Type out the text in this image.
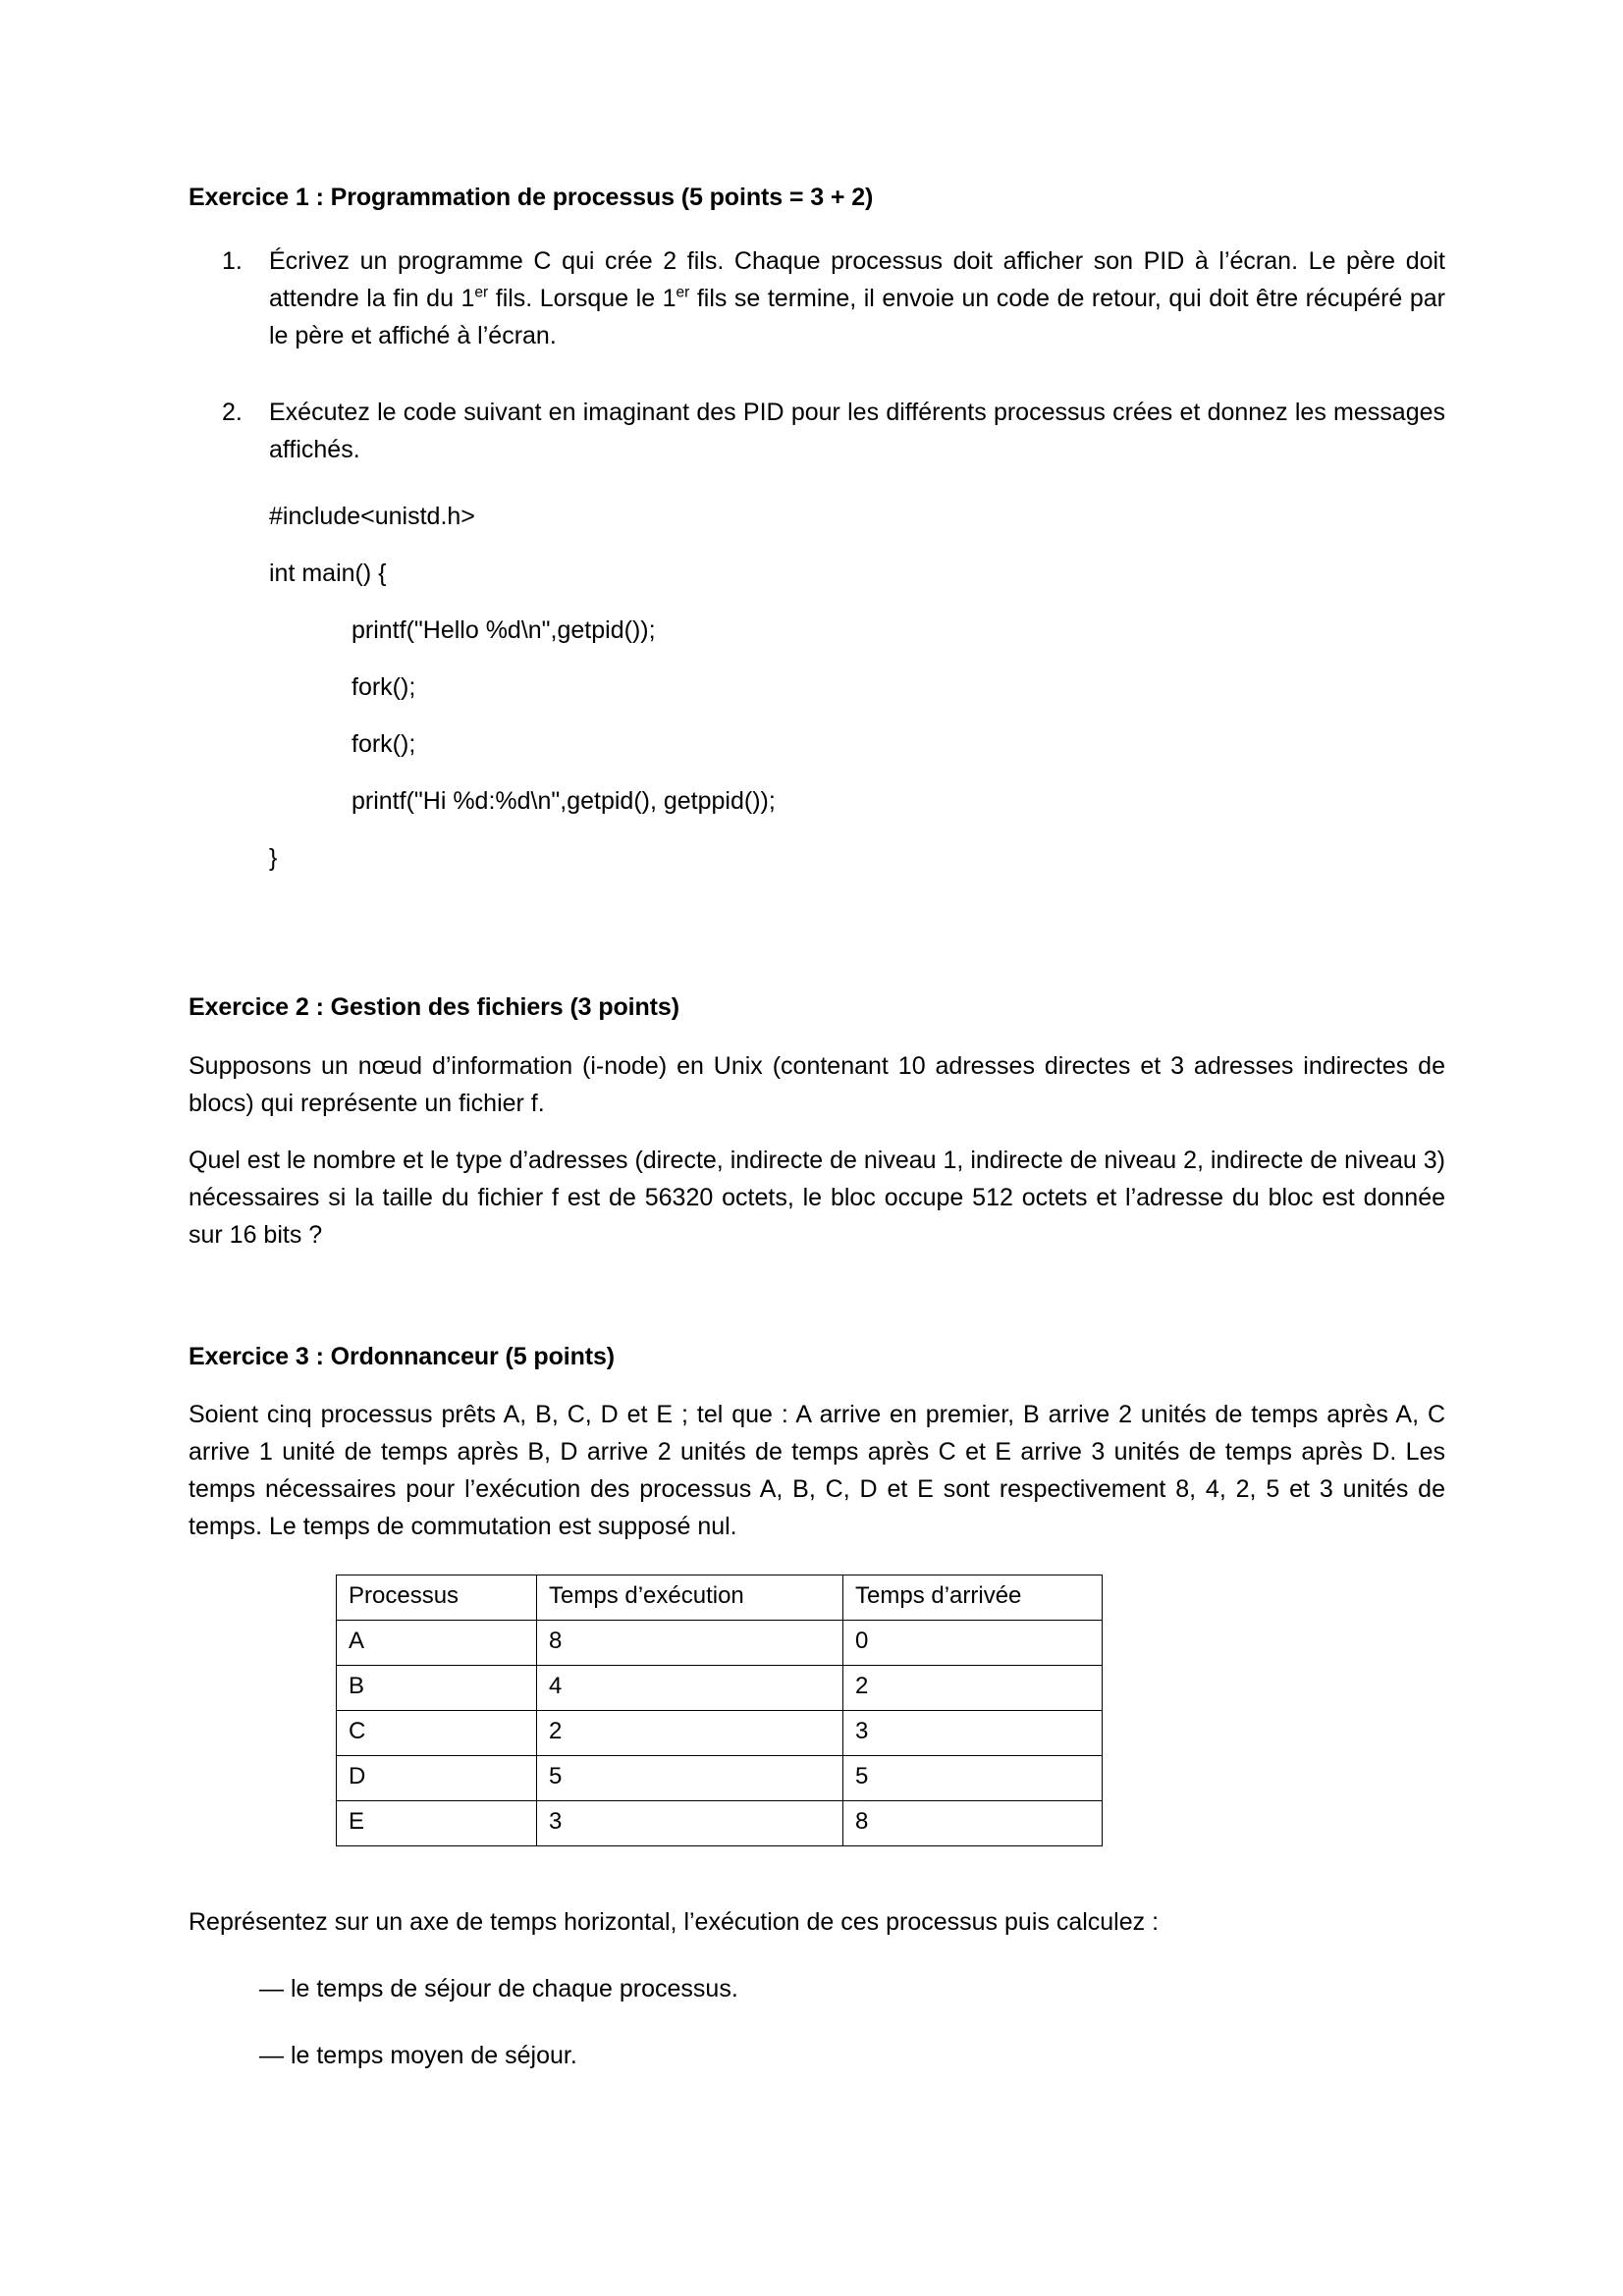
Exercice 1 : Programmation de processus (5 points = 3 + 2)
1. Écrivez un programme C qui crée 2 fils. Chaque processus doit afficher son PID à l’écran. Le père doit attendre la fin du 1er fils. Lorsque le 1er fils se termine, il envoie un code de retour, qui doit être récupéré par le père et affiché à l’écran.
2. Exécutez le code suivant en imaginant des PID pour les différents processus crées et donnez les messages affichés.
#include<unistd.h>
int main() {
printf("Hello %d\n",getpid());
fork();
fork();
printf("Hi %d:%d\n",getpid(), getppid());
}
Exercice 2 : Gestion des fichiers (3 points)
Supposons un nœud d’information (i-node) en Unix (contenant 10 adresses directes et 3 adresses indirectes de blocs) qui représente un fichier f.
Quel est le nombre et le type d’adresses (directe, indirecte de niveau 1, indirecte de niveau 2, indirecte de niveau 3) nécessaires si la taille du fichier f est de 56320 octets, le bloc occupe 512 octets et l’adresse du bloc est donnée sur 16 bits ?
Exercice 3 : Ordonnanceur (5 points)
Soient cinq processus prêts A, B, C, D et E ; tel que : A arrive en premier, B arrive 2 unités de temps après A, C arrive 1 unité de temps après B, D arrive 2 unités de temps après C et E arrive 3 unités de temps après D. Les temps nécessaires pour l’exécution des processus A, B, C, D et E sont respectivement 8, 4, 2, 5 et 3 unités de temps. Le temps de commutation est supposé nul.
Processus	Temps d’exécution	Temps d’arrivée
A	8	0
B	4	2
C	2	3
D	5	5
E	3	8
Représentez sur un axe de temps horizontal, l’exécution de ces processus puis calculez :
— le temps de séjour de chaque processus.
— le temps moyen de séjour.
